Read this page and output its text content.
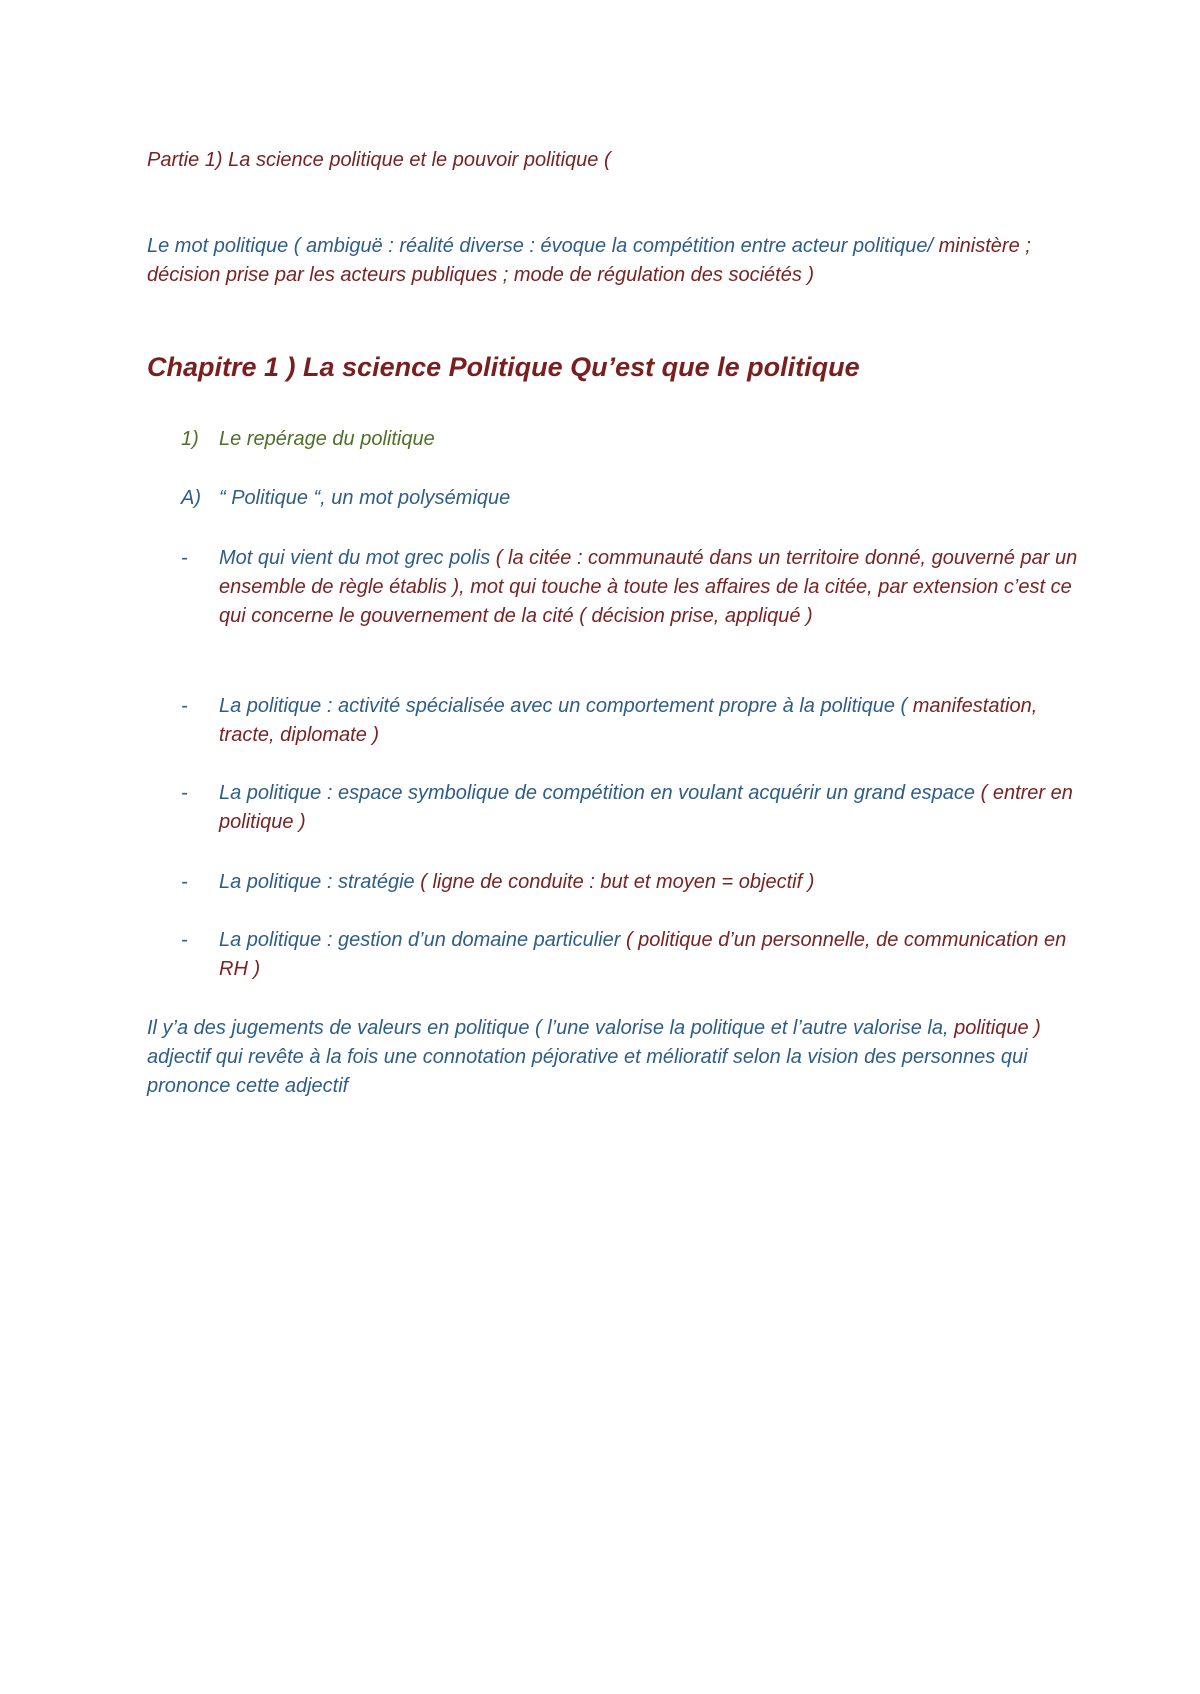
Partie 1) La science politique et le pouvoir politique (

Le mot politique ( ambiguë : réalité diverse : évoque la compétition entre acteur politique/ ministère ; décision prise par les acteurs publiques ; mode de régulation des sociétés )

Chapitre 1 ) La science Politique Qu’est que le politique
1)	Le repérage du politique
A) “ Politique “, un mot polysémique
-	Mot qui vient du mot grec polis ( la citée : communauté dans un territoire donné, gouverné par un ensemble de règle établis ), mot qui touche à toute les affaires de la citée, par extension c’est ce qui concerne le gouvernement de la cité ( décision prise, appliqué )
-	La politique : activité spécialisée avec un comportement propre à la politique ( manifestation, tracte, diplomate )
-	La politique : espace symbolique de compétition en voulant acquérir un grand espace ( entrer en politique )
-	La politique : stratégie ( ligne de conduite : but et moyen = objectif )
-	La politique : gestion d’un domaine particulier ( politique d’un personnelle, de communication en RH )

Il y’a des jugements de valeurs en politique ( l’une valorise la politique et l’autre valorise la, politique ) adjectif qui revête à la fois une connotation péjorative et mélioratif selon la vision des personnes qui prononce cette adjectif
